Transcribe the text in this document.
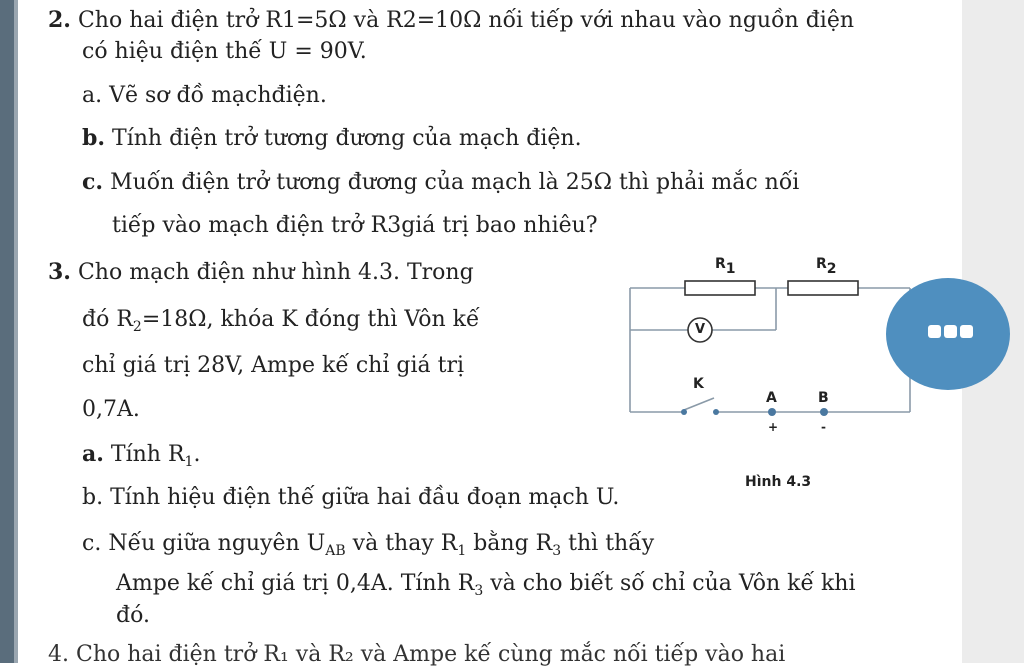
2. Cho hai điện trở R1=5Ω và R2=10Ω nối tiếp với nhau vào nguồn điện
có hiệu điện thế U = 90V.
a. Vẽ sơ đồ mạchđiện.
b. Tính điện trở tương đương của mạch điện.
c. Muốn điện trở tương đương của mạch là 25Ω thì phải mắc nối
tiếp vào mạch điện trở R3giá trị bao nhiêu?
3. Cho mạch điện như hình 4.3. Trong
đó $R_2=18\Omega$, khóa K đóng thì Vôn kế
chỉ giá trị 28V, Ampe kế chỉ giá trị
0,7A.
a. Tính $R_1$.
b. Tính hiệu điện thế giữa hai đầu đoạn mạch U.
c. Nếu giữa nguyên $U_{AB}$ và thay $R_1$ bằng $R_3$ thì thấy
Ampe kế chỉ giá trị 0,4A. Tính $R_3$ và cho biết số chỉ của Vôn kế khi
đó.
$R_1$	$R_2$
V
K
A	B
+	-
Hình 4.3
4. Cho hai điện trở R₁ và R₂ và Ampe kế cùng mắc nối tiếp vào hai
